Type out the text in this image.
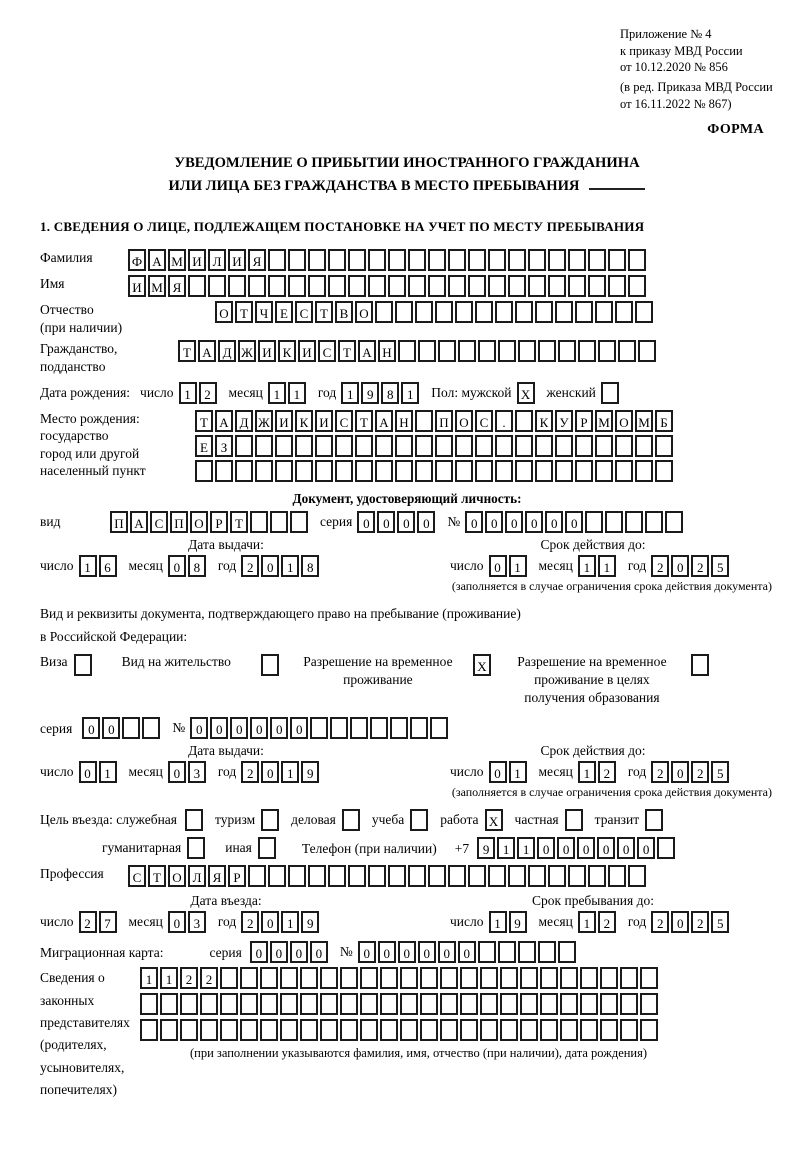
Приложение № 4
к приказу МВД России
от 10.12.2020 № 856
(в ред. Приказа МВД России
от 16.11.2022 № 867)
ФОРМА
УВЕДОМЛЕНИЕ О ПРИБЫТИИ ИНОСТРАННОГО ГРАЖДАНИНА
ИЛИ ЛИЦА БЕЗ ГРАЖДАНСТВА В МЕСТО ПРЕБЫВАНИЯ
1. СВЕДЕНИЯ О ЛИЦЕ, ПОДЛЕЖАЩЕМ ПОСТАНОВКЕ НА УЧЕТ ПО МЕСТУ ПРЕБЫВАНИЯ
Фамилия	Ф А М И Л И Я
Имя	И М Я
Отчество
(при наличии)
О Т Ч Е С Т В О
Гражданство,
подданство
Т А Д Ж И К И С Т А Н
Дата рождения: число 1	2	месяц 1	1	год 1	9	8	1	Пол: мужской X	женский
Место рождения:
государство
город или другой
населенный пункт
Т А Д Ж И К И С Т А Н	П О С	.	К У Р М О М Б
Е З
Документ, удостоверяющий личность:
вид	П А С П О Р Т	серия 0	0	0	0	№ 0	0	0	0	0	0
Дата выдачи:
число 1	6	месяц 0	8	год 2	0	1	8
Срок действия до:
число 0	1	месяц 1	1	год 2	0	2	5
(заполняется в случае ограничения срока действия документа)
Вид и реквизиты документа, подтверждающего право на пребывание (проживание)
в Российской Федерации:
Виза	Вид на жительство	Разрешение на временное проживание
X	Разрешение на временное проживание в целях получения образования
серия	0	0	№ 0	0	0	0	0	0
Дата выдачи:
число 0	1	месяц 0	3	год 2	0	1	9
Срок действия до:
число 0	1	месяц 1	2	год 2	0	2	5
(заполняется в случае ограничения срока действия документа)
Цель въезда: служебная	туризм	деловая	учеба	работа X	частная	транзит
гуманитарная	иная	Телефон (при наличии) +7	9	1	1	0	0	0	0	0	0
Профессия	С Т О Л Я Р
Дата въезда:
число 2	7	месяц 0	3	год 2	0	1	9
Срок пребывания до:
число 1	9	месяц 1	2	год 2	0	2	5
Миграционная карта:	серия	0	0	0	0	№ 0	0	0	0	0	0
Сведения о
законных
представителях
(родителях,
усыновителях,
попечителях)
1	1	2	2
(при заполнении указываются фамилия, имя, отчество (при наличии), дата рождения)
